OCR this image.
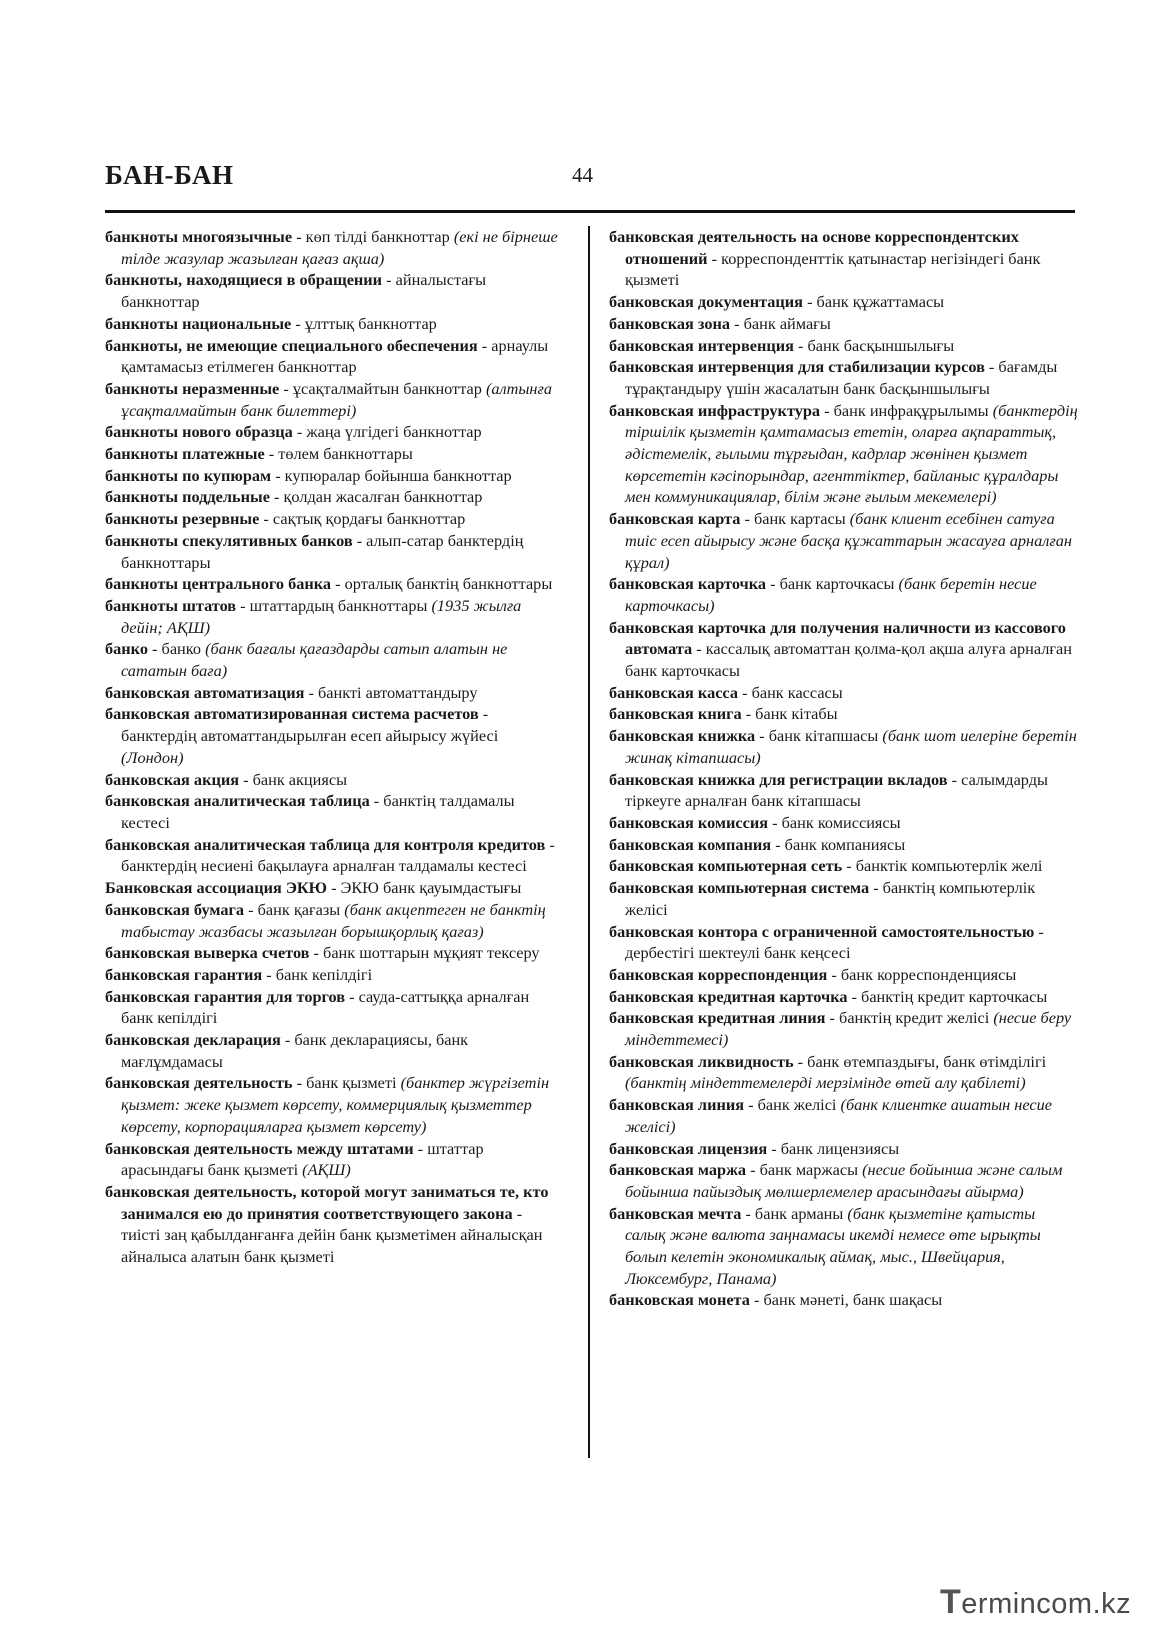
БАН-БАН	44

банкноты многоязычные - көп тілді банкноттар (екі не бірнеше тілде жазулар жазылған қағаз ақша)

банкноты, находящиеся в обращении - айналыстағы банкноттар

банкноты национальные - ұлттық банкноттар

банкноты, не имеющие специального обеспечения - арнаулы қамтамасыз етілмеген банкноттар

банкноты неразменные - ұсақталмайтын банкноттар (алтынға ұсақталмайтын банк билеттері)

банкноты нового образца - жаңа үлгідегі банкноттар

банкноты платежные - төлем банкноттары

банкноты по купюрам - купюралар бойынша банкноттар

банкноты поддельные - қолдан жасалған банкноттар

банкноты резервные - сақтық қордағы банкноттар

банкноты спекулятивных банков - алып-сатар банктердің банкноттары

банкноты центрального банка - орталық банктің банкноттары

банкноты штатов - штаттардың банкноттары (1935 жылға дейін; АҚШ)

банко - банко (банк бағалы қағаздарды сатып алатын не сататын баға)

банковская автоматизация - банкті автоматтандыру

банковская автоматизированная система расчетов - банктердің автоматтандырылған есеп айырысу жүйесі (Лондон)

банковская акция - банк акциясы

банковская аналитическая таблица - банктің талдамалы кестесі

банковская аналитическая таблица для контроля кредитов - банктердің несиені бақылауға арналған талдамалы кестесі

Банковская ассоциация ЭКЮ - ЭКЮ банк қауымдастығы

банковская бумага - банк қағазы (банк акцептеген не банктің табыстау жазбасы жазылған борышқорлық қағаз)

банковская выверка счетов - банк шоттарын мұқият тексеру

банковская гарантия - банк кепілдігі

банковская гарантия для торгов - сауда-саттыққа арналған банк кепілдігі

банковская декларация - банк декларациясы, банк мағлұмдамасы

банковская деятельность - банк қызметі (банктер жүргізетін қызмет: жеке қызмет көрсету, коммерциялық қызметтер көрсету, корпорацияларға қызмет көрсету)

банковская деятельность между штатами - штаттар арасындағы банк қызметі (АҚШ)

банковская деятельность, которой могут заниматься те, кто занимался ею до принятия соответствующего закона - тиісті заң қабылданғанға дейін банк қызметімен айналысқан айналыса алатын банк қызметі

банковская деятельность на основе корреспондентских отношений - корреспонденттік қатынастар негізіндегі банк қызметі

банковская документация - банк құжаттамасы

банковская зона - банк аймағы

банковская интервенция - банк басқыншылығы

банковская интервенция для стабилизации курсов - бағамды тұрақтандыру үшін жасалатын банк басқыншылығы

банковская инфраструктура - банк инфрақұрылымы (банктердің тіршілік қызметін қамтамасыз ететін, оларға ақпараттық, әдістемелік, ғылыми тұрғыдан, кадрлар жөнінен қызмет көрсететін кәсіпорындар, агенттіктер, байланыс құралдары мен коммуникациялар, білім және ғылым мекемелері)

банковская карта - банк картасы (банк клиент есебінен сатуға тиіс есеп айырысу және басқа құжаттарын жасауға арналған құрал)

банковская карточка - банк карточкасы (банк беретін несие карточкасы)

банковская карточка для получения наличности из кассового автомата - кассалық автоматтан қолма-қол ақша алуға арналған банк карточкасы

банковская касса - банк кассасы

банковская книга - банк кітабы

банковская книжка - банк кітапшасы (банк шот иелеріне беретін жинақ кітапшасы)

банковская книжка для регистрации вкладов - салымдарды тіркеуге арналған банк кітапшасы

банковская комиссия - банк комиссиясы

банковская компания - банк компаниясы

банковская компьютерная сеть - банктік компьютерлік желі

банковская компьютерная система - банктің компьютерлік желісі

банковская контора с ограниченной самостоятельностью - дербестігі шектеулі банк кеңсесі

банковская корреспонденция - банк корреспонденциясы

банковская кредитная карточка - банктің кредит карточкасы

банковская кредитная линия - банктің кредит желісі (несие беру міндеттемесі)

банковская ликвидность - банк өтемпаздығы, банк өтімділігі (банктің міндеттемелерді мерзімінде өтей алу қабілеті)

банковская линия - банк желісі (банк клиентке ашатын несие желісі)

банковская лицензия - банк лицензиясы

банковская маржа - банк маржасы (несие бойынша және салым бойынша пайыздық мөлшерлемелер арасындағы айырма)

банковская мечта - банк арманы (банк қызметіне қатысты салық және валюта заңнамасы икемді немесе өте ырықты болып келетін экономикалық аймақ, мыс., Швейцария, Люксембург, Панама)

банковская монета - банк мәнеті, банк шақасы

Termincom.kz
